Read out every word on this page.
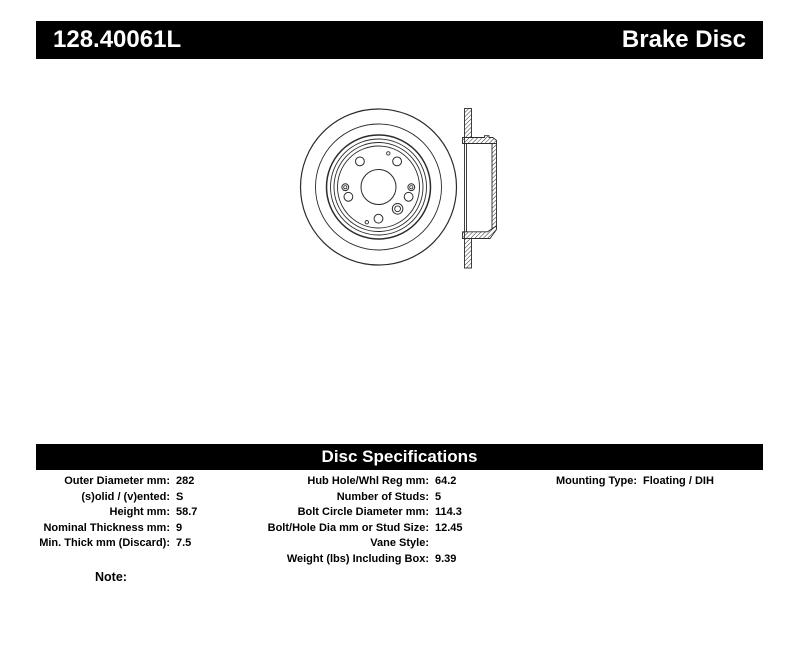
128.40061L	Brake Disc
Disc Specifications
Outer Diameter mm: 282
(s)olid / (v)ented: S
Height mm: 58.7
Nominal Thickness mm: 9
Min. Thick mm (Discard): 7.5
Hub Hole/Whl Reg mm: 64.2
Number of Studs: 5
Bolt Circle Diameter mm: 114.3
Bolt/Hole Dia mm or Stud Size: 12.45
Vane Style:
Weight (lbs) Including Box: 9.39
Mounting Type: Floating / DIH
Note:
